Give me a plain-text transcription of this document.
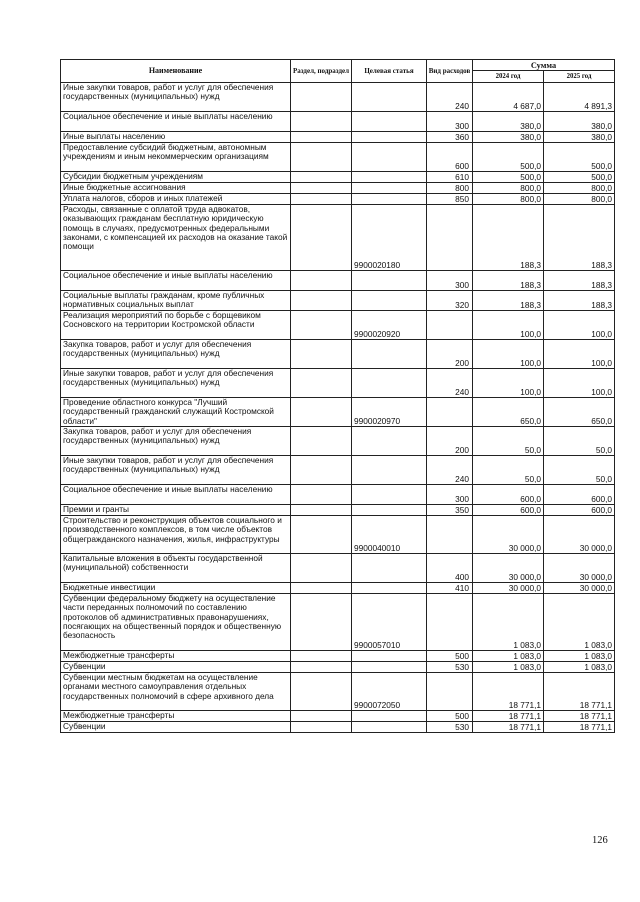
Наименование	Раздел, подраздел	Целевая статья	Вид расходов	Сумма	
				2024 год	2025 год
Иные закупки товаров, работ и услуг для обеспечения государственных (муниципальных) нужд			240	4 687,0	4 891,3
Социальное обеспечение и иные выплаты населению			300	380,0	380,0
Иные выплаты населению			360	380,0	380,0
Предоставление субсидий бюджетным, автономным учреждениям и иным некоммерческим организациям			600	500,0	500,0
Субсидии бюджетным учреждениям			610	500,0	500,0
Иные бюджетные ассигнования			800	800,0	800,0
Уплата налогов, сборов и иных платежей			850	800,0	800,0
Расходы, связанные с оплатой труда адвокатов, оказывающих гражданам бесплатную юридическую помощь в случаях, предусмотренных федеральными законами, с компенсацией их расходов на оказание такой помощи		9900020180		188,3	188,3
Социальное обеспечение и иные выплаты населению			300	188,3	188,3
Социальные выплаты гражданам, кроме публичных нормативных социальных выплат			320	188,3	188,3
Реализация мероприятий по борьбе с борщевиком Сосновского на территории Костромской области		9900020920		100,0	100,0
Закупка товаров, работ и услуг для обеспечения государственных (муниципальных) нужд			200	100,0	100,0
Иные закупки товаров, работ и услуг для обеспечения государственных (муниципальных) нужд			240	100,0	100,0
Проведение областного конкурса "Лучший государственный гражданский служащий Костромской области"		9900020970		650,0	650,0
Закупка товаров, работ и услуг для обеспечения государственных (муниципальных) нужд			200	50,0	50,0
Иные закупки товаров, работ и услуг для обеспечения государственных (муниципальных) нужд			240	50,0	50,0
Социальное обеспечение и иные выплаты населению			300	600,0	600,0
Премии и гранты			350	600,0	600,0
Строительство и реконструкция объектов социального и производственного комплексов, в том числе объектов общегражданского назначения, жилья, инфраструктуры		9900040010		30 000,0	30 000,0
Капитальные вложения в объекты государственной (муниципальной) собственности			400	30 000,0	30 000,0
Бюджетные инвестиции			410	30 000,0	30 000,0
Субвенции федеральному бюджету на осуществление части переданных полномочий по составлению протоколов об административных правонарушениях, посягающих на общественный порядок и общественную безопасность		9900057010		1 083,0	1 083,0
Межбюджетные трансферты			500	1 083,0	1 083,0
Субвенции			530	1 083,0	1 083,0
Субвенции местным бюджетам на осуществление органами местного самоуправления отдельных государственных полномочий в сфере архивного дела		9900072050		18 771,1	18 771,1
Межбюджетные трансферты			500	18 771,1	18 771,1
Субвенции			530	18 771,1	18 771,1
126
